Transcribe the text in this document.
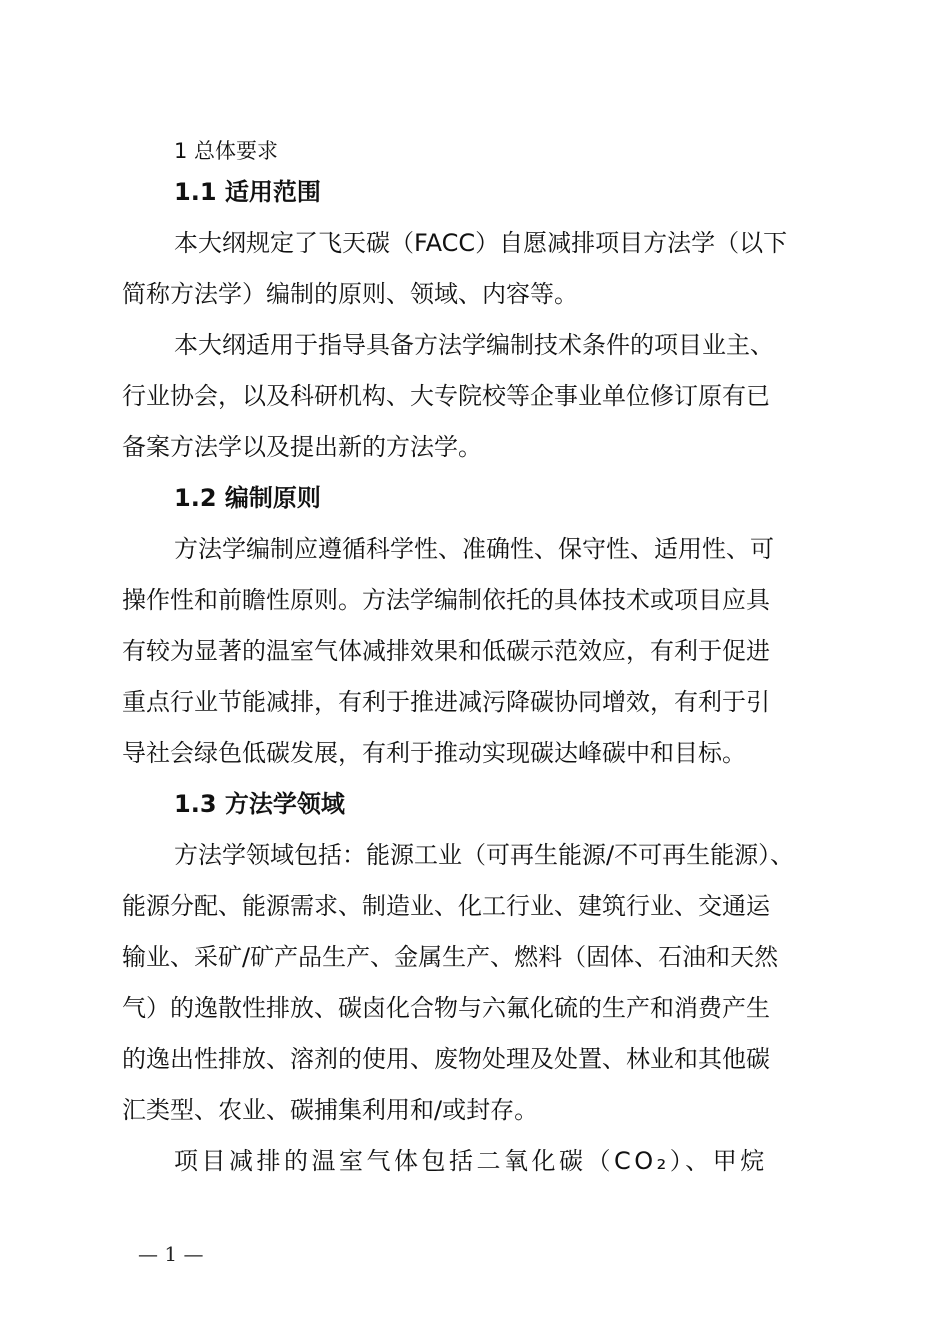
1 总体要求
1.1 适用范围
本大纲规定了飞天碳（FACC）自愿减排项目方法学（以下
简称方法学）编制的原则、领域、内容等。
本大纲适用于指导具备方法学编制技术条件的项目业主、
行业协会，以及科研机构、大专院校等企事业单位修订原有已
备案方法学以及提出新的方法学。
1.2 编制原则
方法学编制应遵循科学性、准确性、保守性、适用性、可
操作性和前瞻性原则。方法学编制依托的具体技术或项目应具
有较为显著的温室气体减排效果和低碳示范效应，有利于促进
重点行业节能减排，有利于推进减污降碳协同增效，有利于引
导社会绿色低碳发展，有利于推动实现碳达峰碳中和目标。
1.3 方法学领域
方法学领域包括：能源工业（可再生能源/不可再生能源）、
能源分配、能源需求、制造业、化工行业、建筑行业、交通运
输业、采矿/矿产品生产、金属生产、燃料（固体、石油和天然
气）的逸散性排放、碳卤化合物与六氟化硫的生产和消费产生
的逸出性排放、溶剂的使用、废物处理及处置、林业和其他碳
汇类型、农业、碳捕集利用和/或封存。
项目减排的温室气体包括二氧化碳（CO₂）、甲烷
— 1 —
